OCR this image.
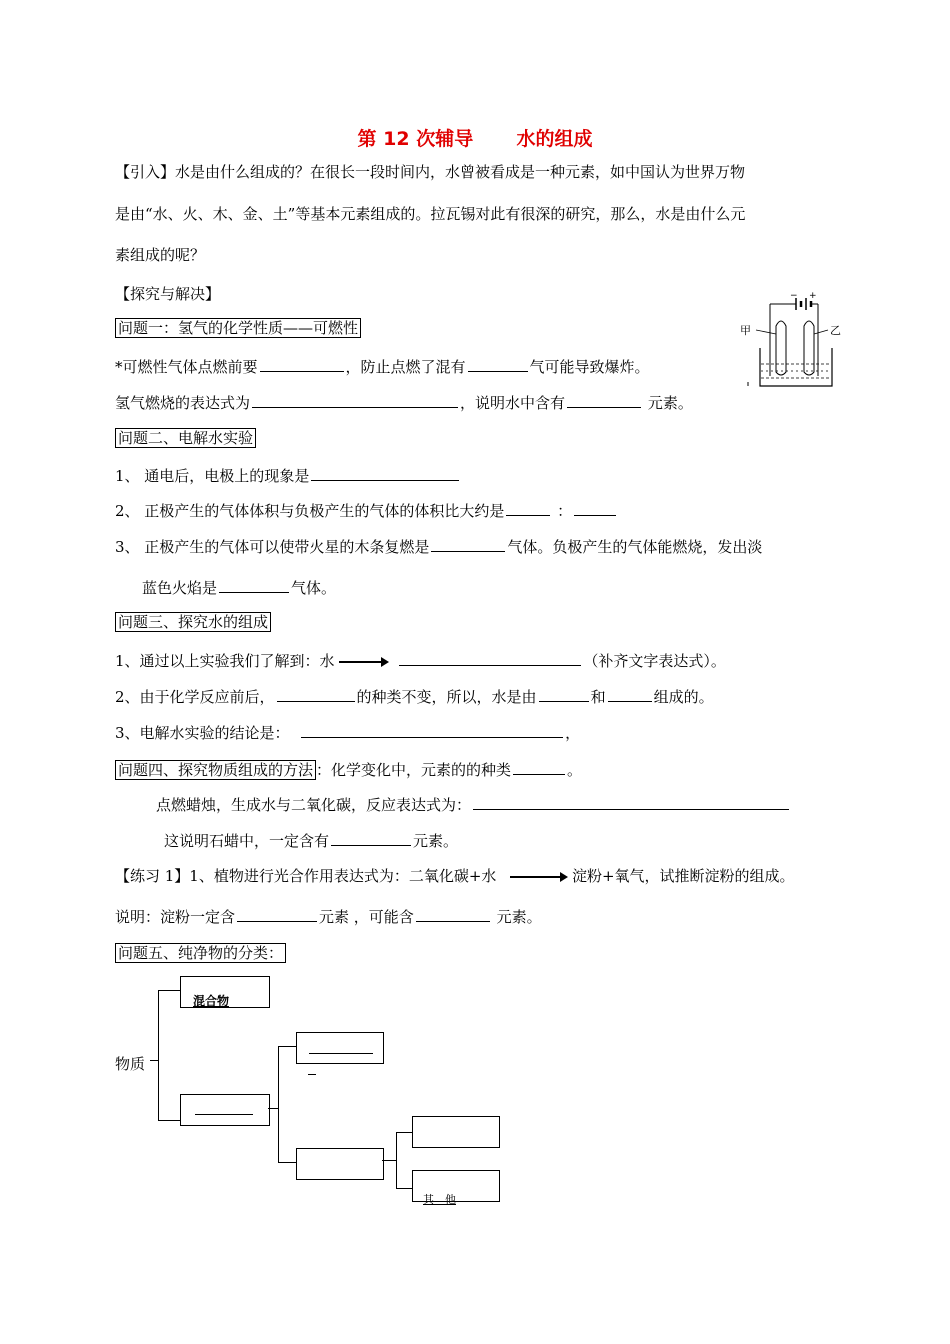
第 12 次辅导 水的组成
【引入】水是由什么组成的？在很长一段时间内，水曾被看成是一种元素，如中国认为世界万物
是由“水、火、木、金、土”等基本元素组成的。拉瓦锡对此有很深的研究，那么，水是由什么元
素组成的呢？
【探究与解决】
问题一：氢气的化学性质——可燃性
*可燃性气体点燃前要	，防止点燃了混有	气可能导致爆炸。
氢气燃烧的表达式为	，说明水中含有	元素。
− +
甲	乙
问题二、电解水实验
1、 通电后，电极上的现象是
2、 正极产生的气体体积与负极产生的气体的体积比大约是	：
3、 正极产生的气体可以使带火星的木条复燃是	气体。负极产生的气体能燃烧，发出淡
蓝色火焰是	气体。
问题三、探究水的组成
1、通过以上实验我们了解到：水	（补齐文字表达式）。
2、由于化学反应前后，	的种类不变，所以，水是由	和	组成的。
3、电解水实验的结论是：	，
问题四、探究物质组成的方法 ：化学变化中，元素的的种类	。
点燃蜡烛，生成水与二氧化碳，反应表达式为：
这说明石蜡中，一定含有	元素。
【练习 1】1、植物进行光合作用表达式为：二氧化碳+水	淀粉+氧气，试推断淀粉的组成。
说明：淀粉一定含	元素 ，可能含	元素。
问题五、纯净物的分类：
物质
混合物
其　他
